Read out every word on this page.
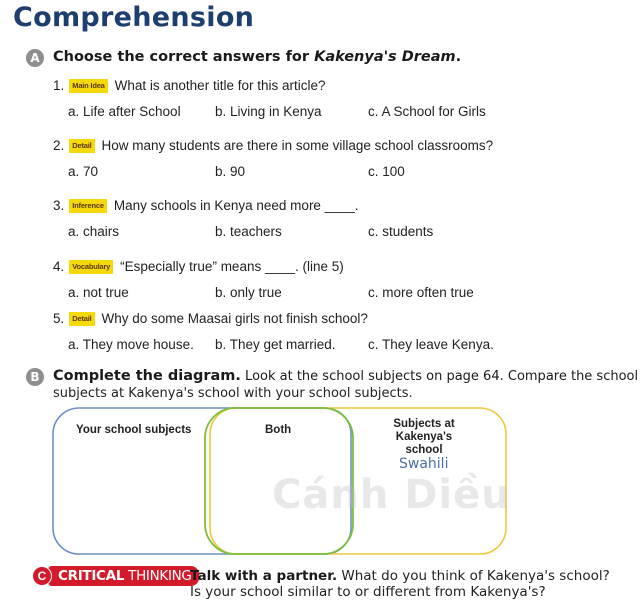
Comprehension
A Choose the correct answers for Kakenya's Dream.
1.	Main Idea What is another title for this article?
a. Life after School	b. Living in Kenya	c. A School for Girls
2.	Detail How many students are there in some village school classrooms?
a. 70	b. 90	c. 100
3.	Inference Many schools in Kenya need more ____.
a. chairs	b. teachers	c. students
4.	Vocabulary “Especially true” means ____. (line 5)
a. not true	b. only true	c. more often true
5.	Detail Why do some Maasai girls not finish school?
a. They move house. b. They get married. c. They leave Kenya.
B Complete the diagram. Look at the school subjects on page 64. Compare the school
subjects at Kakenya's school with your school subjects.
Your school subjects	Both	Subjects at
Kakenya's school
Swahili
Cánh Diều
C CRITICAL THINKING
Talk with a partner. What do you think of Kakenya's school?
Is your school similar to or different from Kakenya's?
